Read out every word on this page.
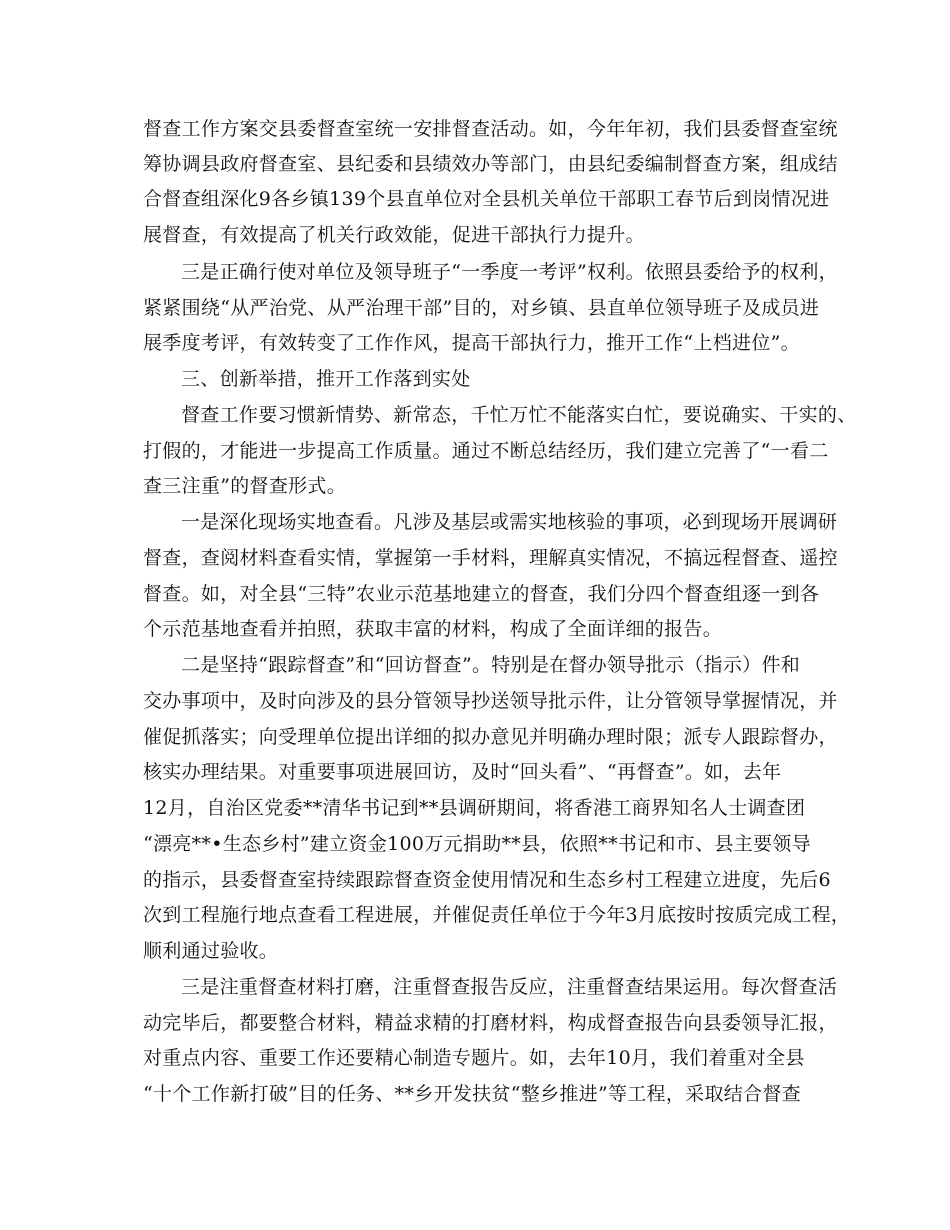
督查工作方案交县委督查室统一安排督查活动。如，今年年初，我们县委督查室统
筹协调县政府督查室、县纪委和县绩效办等部门，由县纪委编制督查方案，组成结
合督查组深化9各乡镇139个县直单位对全县机关单位干部职工春节后到岗情况进
展督查，有效提高了机关行政效能，促进干部执行力提升。
三是正确行使对单位及领导班子“一季度一考评”权利。依照县委给予的权利，
紧紧围绕“从严治党、从严治理干部”目的，对乡镇、县直单位领导班子及成员进
展季度考评，有效转变了工作作风，提高干部执行力，推开工作“上档进位”。
三、创新举措，推开工作落到实处
督查工作要习惯新情势、新常态，千忙万忙不能落实白忙，要说确实、干实的、
打假的，才能进一步提高工作质量。通过不断总结经历，我们建立完善了“一看二
查三注重”的督查形式。
一是深化现场实地查看。凡涉及基层或需实地核验的事项，必到现场开展调研
督查，查阅材料查看实情，掌握第一手材料，理解真实情况，不搞远程督查、遥控
督查。如，对全县“三特”农业示范基地建立的督查，我们分四个督查组逐一到各
个示范基地查看并拍照，获取丰富的材料，构成了全面详细的报告。
二是坚持“跟踪督查”和“回访督查”。特别是在督办领导批示（指示）件和
交办事项中，及时向涉及的县分管领导抄送领导批示件，让分管领导掌握情况，并
催促抓落实；向受理单位提出详细的拟办意见并明确办理时限；派专人跟踪督办，
核实办理结果。对重要事项进展回访，及时“回头看”、“再督查”。如，去年
12月，自治区党委**清华书记到**县调研期间，将香港工商界知名人士调查团
“漂亮**•生态乡村”建立资金100万元捐助**县，依照**书记和市、县主要领导
的指示，县委督查室持续跟踪督查资金使用情况和生态乡村工程建立进度，先后6
次到工程施行地点查看工程进展，并催促责任单位于今年3月底按时按质完成工程，
顺利通过验收。
三是注重督查材料打磨，注重督查报告反应，注重督查结果运用。每次督查活
动完毕后，都要整合材料，精益求精的打磨材料，构成督查报告向县委领导汇报，
对重点内容、重要工作还要精心制造专题片。如，去年10月，我们着重对全县
“十个工作新打破”目的任务、**乡开发扶贫“整乡推进”等工程，采取结合督查
